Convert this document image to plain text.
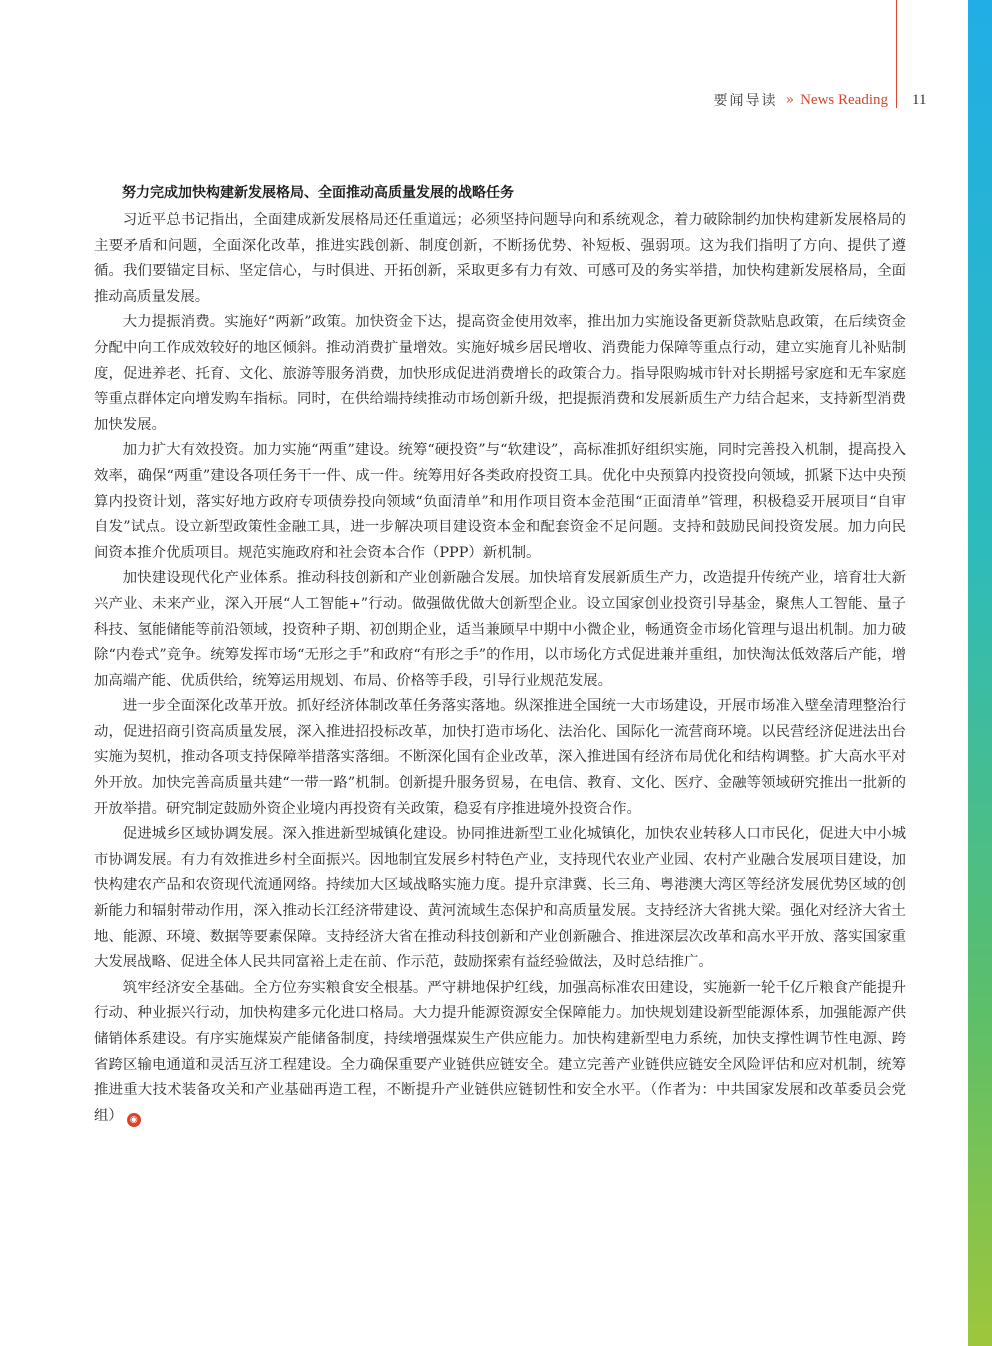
要闻导读 » News Reading	11
努力完成加快构建新发展格局、全面推动高质量发展的战略任务

习近平总书记指出，全面建成新发展格局还任重道远；必须坚持问题导向和系统观念，着力破除制约加快构建新发展格局的主要矛盾和问题，全面深化改革，推进实践创新、制度创新，不断扬优势、补短板、强弱项。这为我们指明了方向、提供了遵循。我们要锚定目标、坚定信心，与时俱进、开拓创新，采取更多有力有效、可感可及的务实举措，加快构建新发展格局，全面推动高质量发展。

大力提振消费。实施好“两新”政策。加快资金下达，提高资金使用效率，推出加力实施设备更新贷款贴息政策，在后续资金分配中向工作成效较好的地区倾斜。推动消费扩量增效。实施好城乡居民增收、消费能力保障等重点行动，建立实施育儿补贴制度，促进养老、托育、文化、旅游等服务消费，加快形成促进消费增长的政策合力。指导限购城市针对长期摇号家庭和无车家庭等重点群体定向增发购车指标。同时，在供给端持续推动市场创新升级，把提振消费和发展新质生产力结合起来，支持新型消费加快发展。

加力扩大有效投资。加力实施“两重”建设。统筹“硬投资”与“软建设”，高标准抓好组织实施，同时完善投入机制，提高投入效率，确保“两重”建设各项任务干一件、成一件。统筹用好各类政府投资工具。优化中央预算内投资投向领域，抓紧下达中央预算内投资计划，落实好地方政府专项债券投向领域“负面清单”和用作项目资本金范围“正面清单”管理，积极稳妥开展项目“自审自发”试点。设立新型政策性金融工具，进一步解决项目建设资本金和配套资金不足问题。支持和鼓励民间投资发展。加力向民间资本推介优质项目。规范实施政府和社会资本合作（PPP）新机制。

加快建设现代化产业体系。推动科技创新和产业创新融合发展。加快培育发展新质生产力，改造提升传统产业，培育壮大新兴产业、未来产业，深入开展“人工智能+”行动。做强做优做大创新型企业。设立国家创业投资引导基金，聚焦人工智能、量子科技、氢能储能等前沿领域，投资种子期、初创期企业，适当兼顾早中期中小微企业，畅通资金市场化管理与退出机制。加力破除“内卷式”竞争。统筹发挥市场“无形之手”和政府“有形之手”的作用，以市场化方式促进兼并重组，加快淘汰低效落后产能，增加高端产能、优质供给，统筹运用规划、布局、价格等手段，引导行业规范发展。

进一步全面深化改革开放。抓好经济体制改革任务落实落地。纵深推进全国统一大市场建设，开展市场准入壁垒清理整治行动，促进招商引资高质量发展，深入推进招投标改革，加快打造市场化、法治化、国际化一流营商环境。以民营经济促进法出台实施为契机，推动各项支持保障举措落实落细。不断深化国有企业改革，深入推进国有经济布局优化和结构调整。扩大高水平对外开放。加快完善高质量共建“一带一路”机制。创新提升服务贸易，在电信、教育、文化、医疗、金融等领域研究推出一批新的开放举措。研究制定鼓励外资企业境内再投资有关政策，稳妥有序推进境外投资合作。

促进城乡区域协调发展。深入推进新型城镇化建设。协同推进新型工业化城镇化，加快农业转移人口市民化，促进大中小城市协调发展。有力有效推进乡村全面振兴。因地制宜发展乡村特色产业，支持现代农业产业园、农村产业融合发展项目建设，加快构建农产品和农资现代流通网络。持续加大区域战略实施力度。提升京津冀、长三角、粤港澳大湾区等经济发展优势区域的创新能力和辐射带动作用，深入推动长江经济带建设、黄河流域生态保护和高质量发展。支持经济大省挑大梁。强化对经济大省土地、能源、环境、数据等要素保障。支持经济大省在推动科技创新和产业创新融合、推进深层次改革和高水平开放、落实国家重大发展战略、促进全体人民共同富裕上走在前、作示范，鼓励探索有益经验做法，及时总结推广。

筑牢经济安全基础。全方位夯实粮食安全根基。严守耕地保护红线，加强高标准农田建设，实施新一轮千亿斤粮食产能提升行动、种业振兴行动，加快构建多元化进口格局。大力提升能源资源安全保障能力。加快规划建设新型能源体系，加强能源产供储销体系建设。有序实施煤炭产能储备制度，持续增强煤炭生产供应能力。加快构建新型电力系统，加快支撑性调节性电源、跨省跨区输电通道和灵活互济工程建设。全力确保重要产业链供应链安全。建立完善产业链供应链安全风险评估和应对机制，统筹推进重大技术装备攻关和产业基础再造工程，不断提升产业链供应链韧性和安全水平。（作者为：中共国家发展和改革委员会党组） ◉
